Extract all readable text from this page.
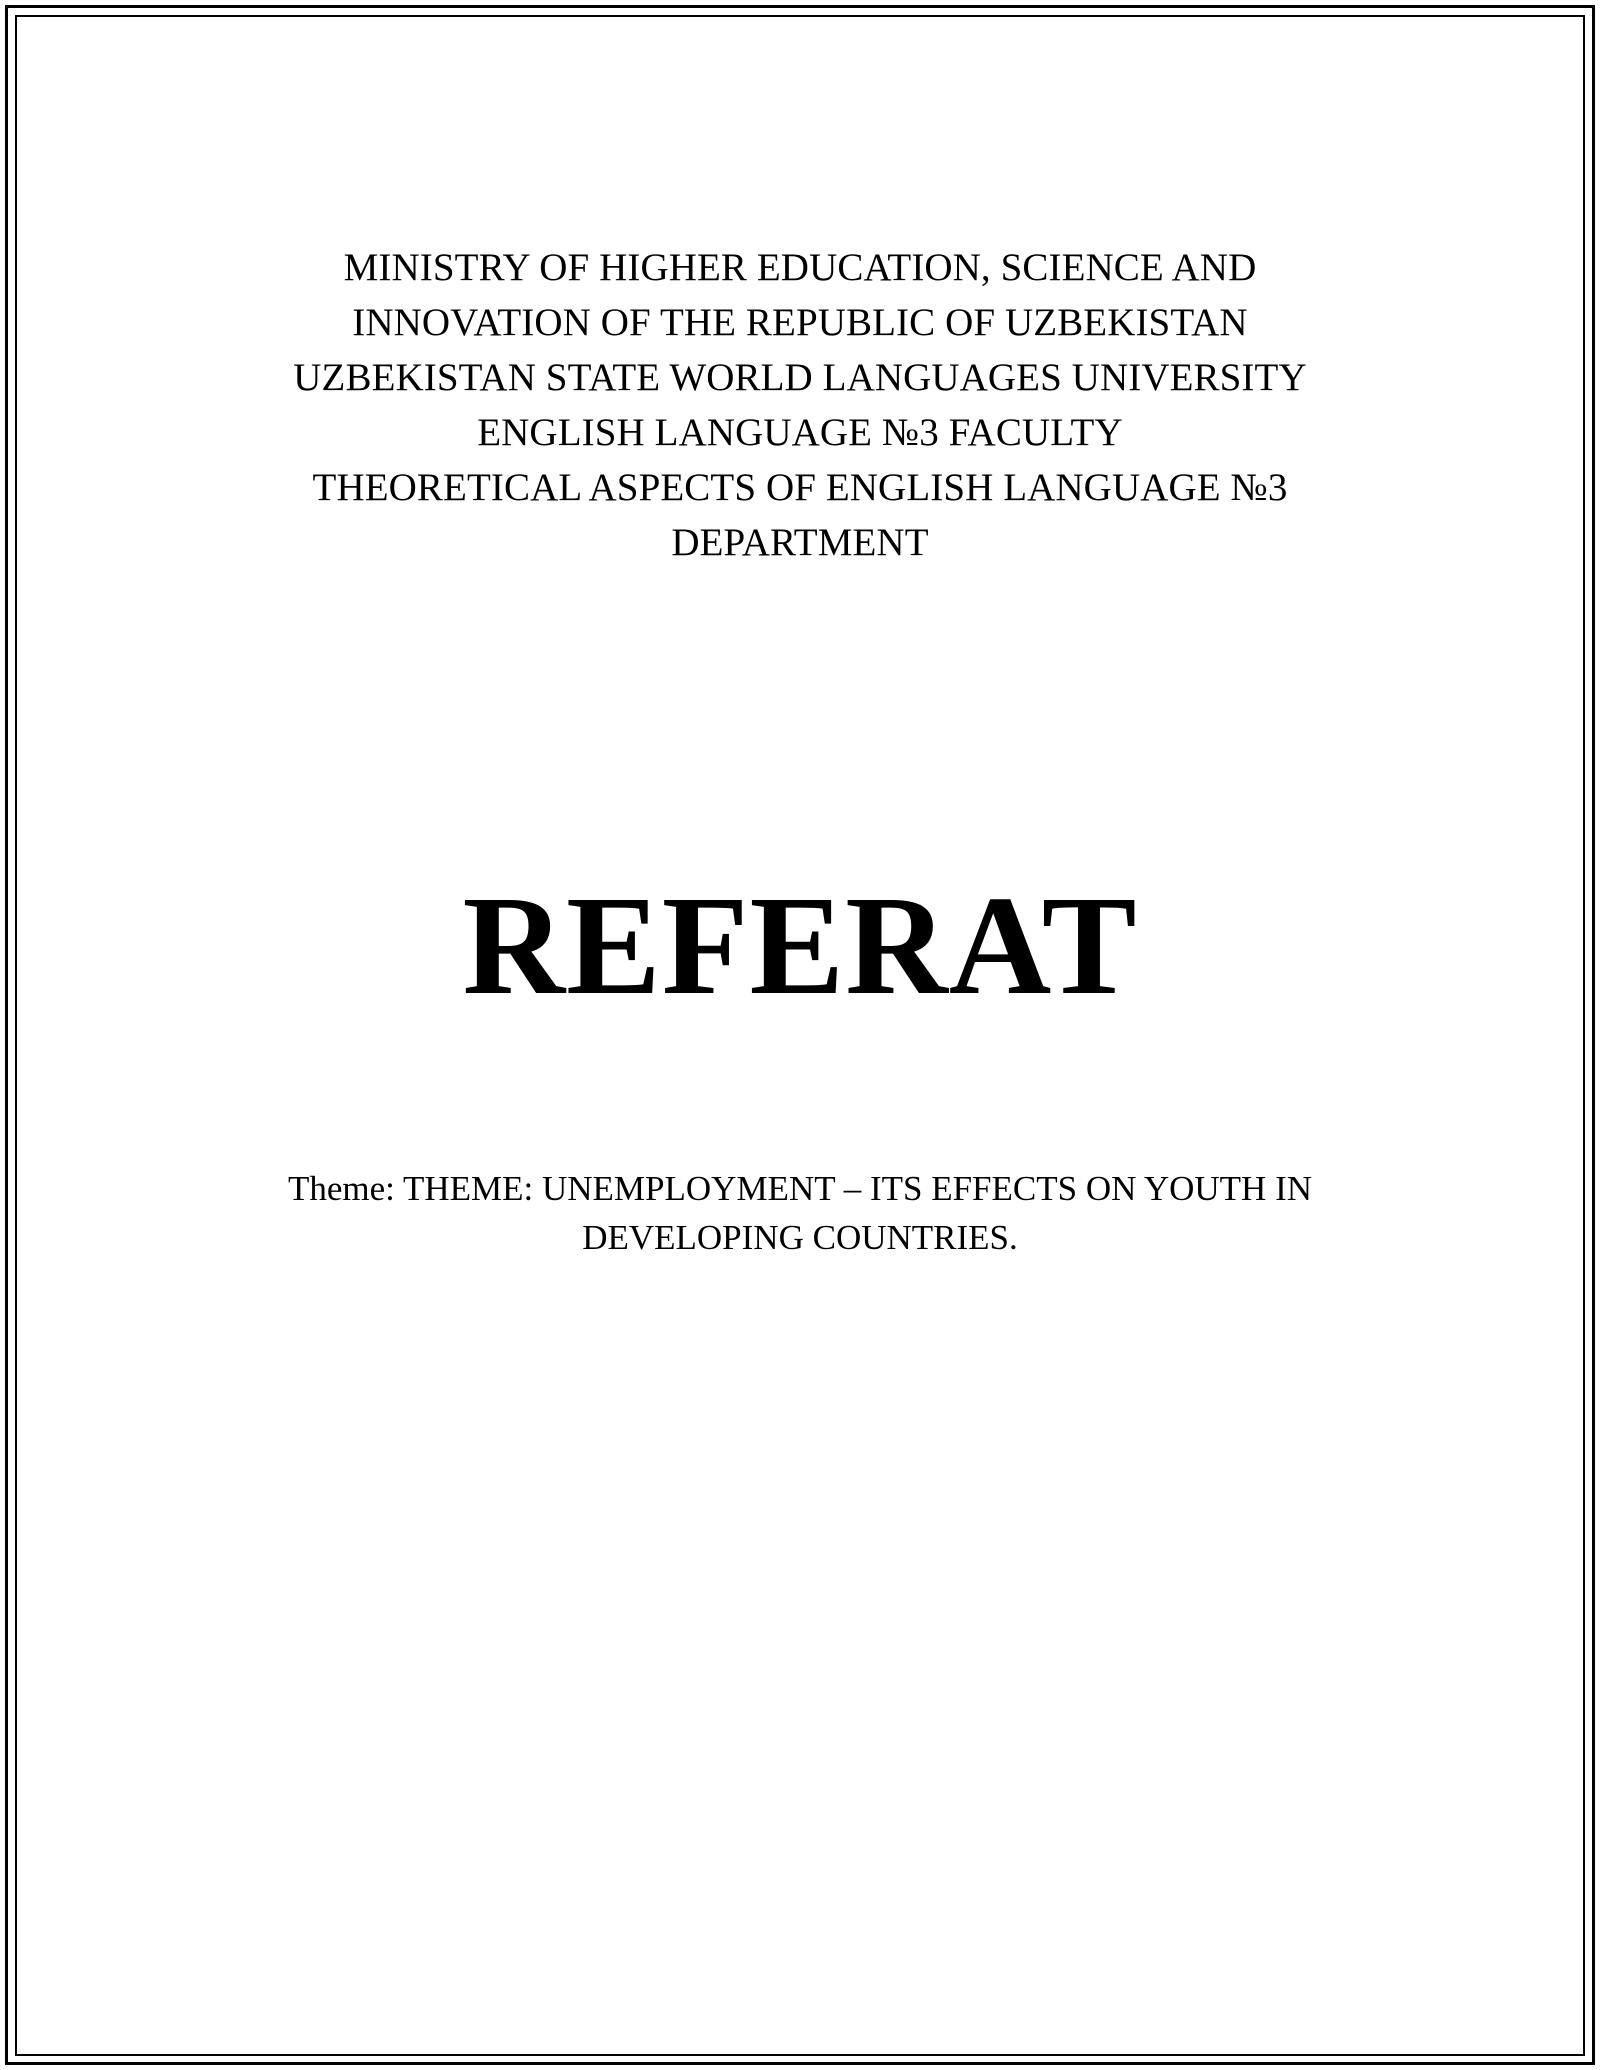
MINISTRY OF HIGHER EDUCATION, SCIENCE AND
INNOVATION OF THE REPUBLIC OF UZBEKISTAN
UZBEKISTAN STATE WORLD LANGUAGES UNIVERSITY
ENGLISH LANGUAGE №3 FACULTY
THEORETICAL ASPECTS OF ENGLISH LANGUAGE №3
DEPARTMENT
REFERAT
Theme: THEME: UNEMPLOYMENT – ITS EFFECTS ON YOUTH IN
DEVELOPING COUNTRIES.
